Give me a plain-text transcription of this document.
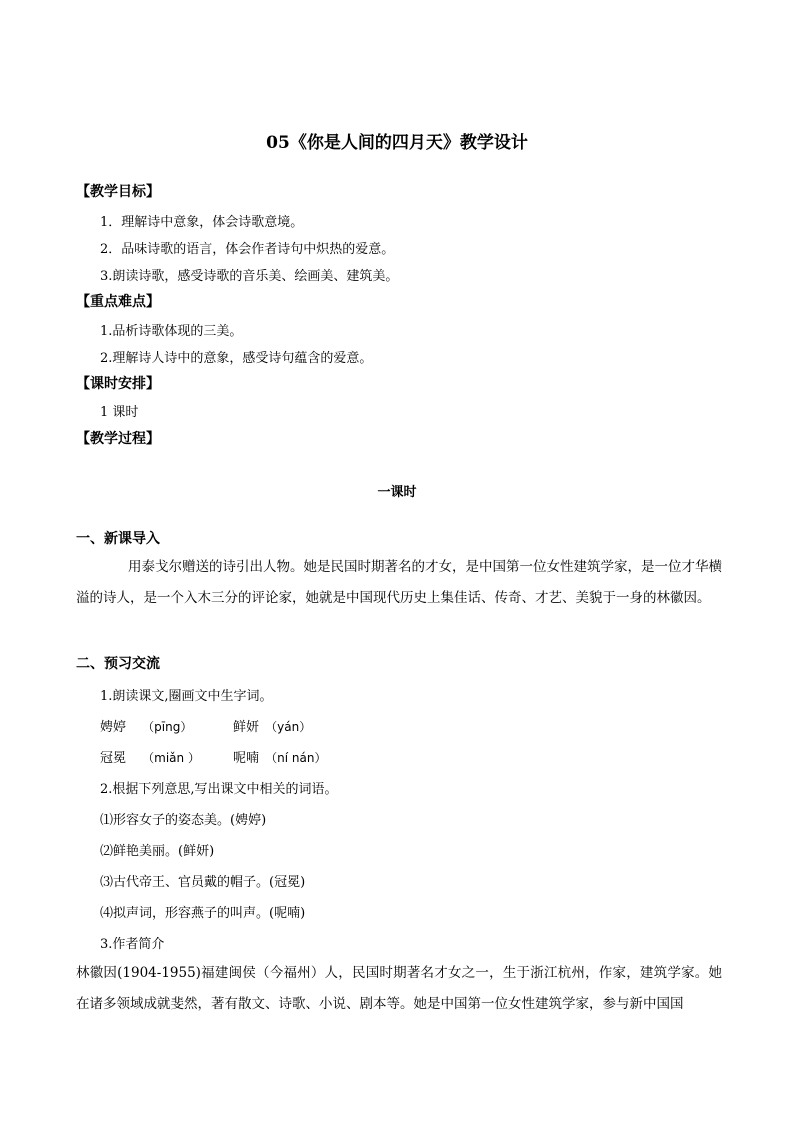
05《你是人间的四月天》教学设计
【教学目标】
1．理解诗中意象，体会诗歌意境。
2．品味诗歌的语言，体会作者诗句中炽热的爱意。
3.朗读诗歌，感受诗歌的音乐美、绘画美、建筑美。
【重点难点】
1.品析诗歌体现的三美。
2.理解诗人诗中的意象，感受诗句蕴含的爱意。
【课时安排】
1 课时
【教学过程】
一课时
一、新课导入
用泰戈尔赠送的诗引出人物。她是民国时期著名的才女，是中国第一位女性建筑学家，是一位才华横溢的诗人，是一个入木三分的评论家，她就是中国现代历史上集佳话、传奇、才艺、美貌于一身的林徽因。
二、预习交流
1.朗读课文,圈画文中生字词。
娉婷 （pīng）	鲜妍 （yán）
冠冕 （miǎn ）	呢喃 （ní nán）
2.根据下列意思,写出课文中相关的词语。
⑴形容女子的姿态美。(娉婷)
⑵鲜艳美丽。(鲜妍)
⑶古代帝王、官员戴的帽子。(冠冕)
⑷拟声词，形容燕子的叫声。(呢喃)
3.作者简介
林徽因(1904-1955)福建闽侯（今福州）人，民国时期著名才女之一，生于浙江杭州，作家，建筑学家。她在诸多领域成就斐然，著有散文、诗歌、小说、剧本等。她是中国第一位女性建筑学家，参与新中国国
